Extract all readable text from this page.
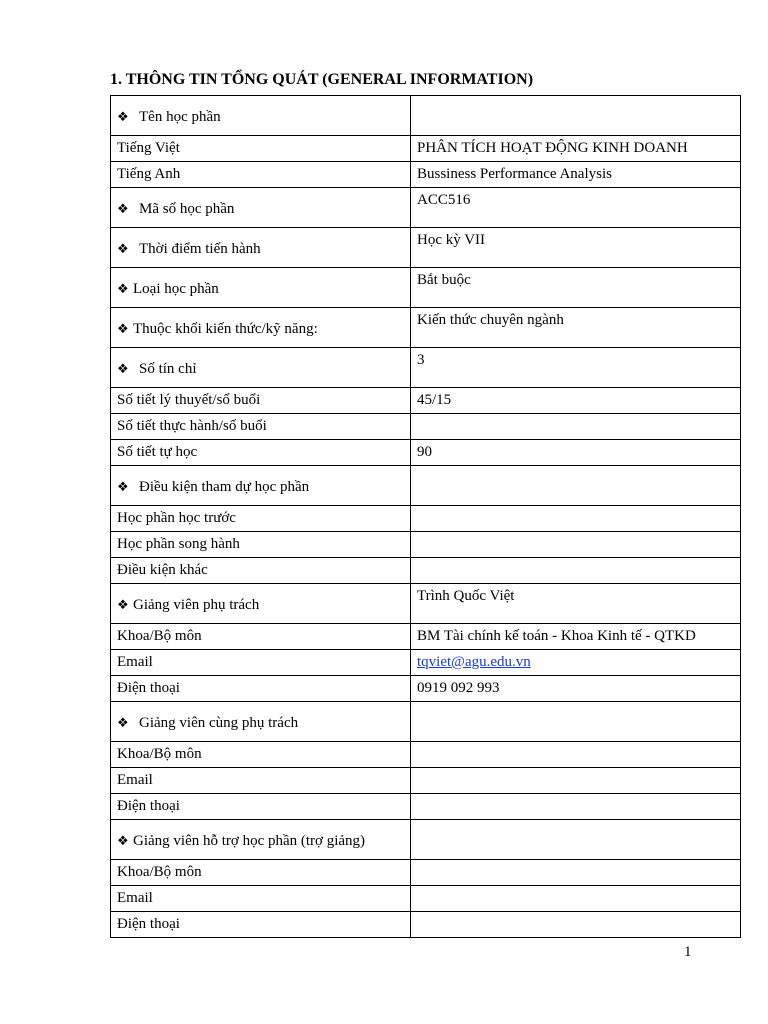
1. THÔNG TIN TỔNG QUÁT (GENERAL INFORMATION)
❖ Tên học phần	
Tiếng Việt	PHÂN TÍCH HOẠT ĐỘNG KINH DOANH
Tiếng Anh	Bussiness Performance Analysis
❖ Mã số học phần	ACC516
❖ Thời điểm tiến hành	Học kỳ VII
❖ Loại học phần	Bắt buộc
❖ Thuộc khối kiến thức/kỹ năng:	Kiến thức chuyên ngành
❖ Số tín chỉ	3
Số tiết lý thuyết/số buổi	45/15
Số tiết thực hành/số buổi	
Số tiết tự học	90
❖ Điều kiện tham dự học phần	
Học phần học trước	
Học phần song hành	
Điều kiện khác	
❖ Giảng viên phụ trách	Trình Quốc Việt
Khoa/Bộ môn	BM Tài chính kế toán - Khoa Kinh tế - QTKD
Email	tqviet@agu.edu.vn
Điện thoại	0919 092 993
❖ Giảng viên cùng phụ trách	
Khoa/Bộ môn	
Email	
Điện thoại	
❖ Giảng viên hỗ trợ học phần (trợ giảng)	
Khoa/Bộ môn	
Email	
Điện thoại	
1
